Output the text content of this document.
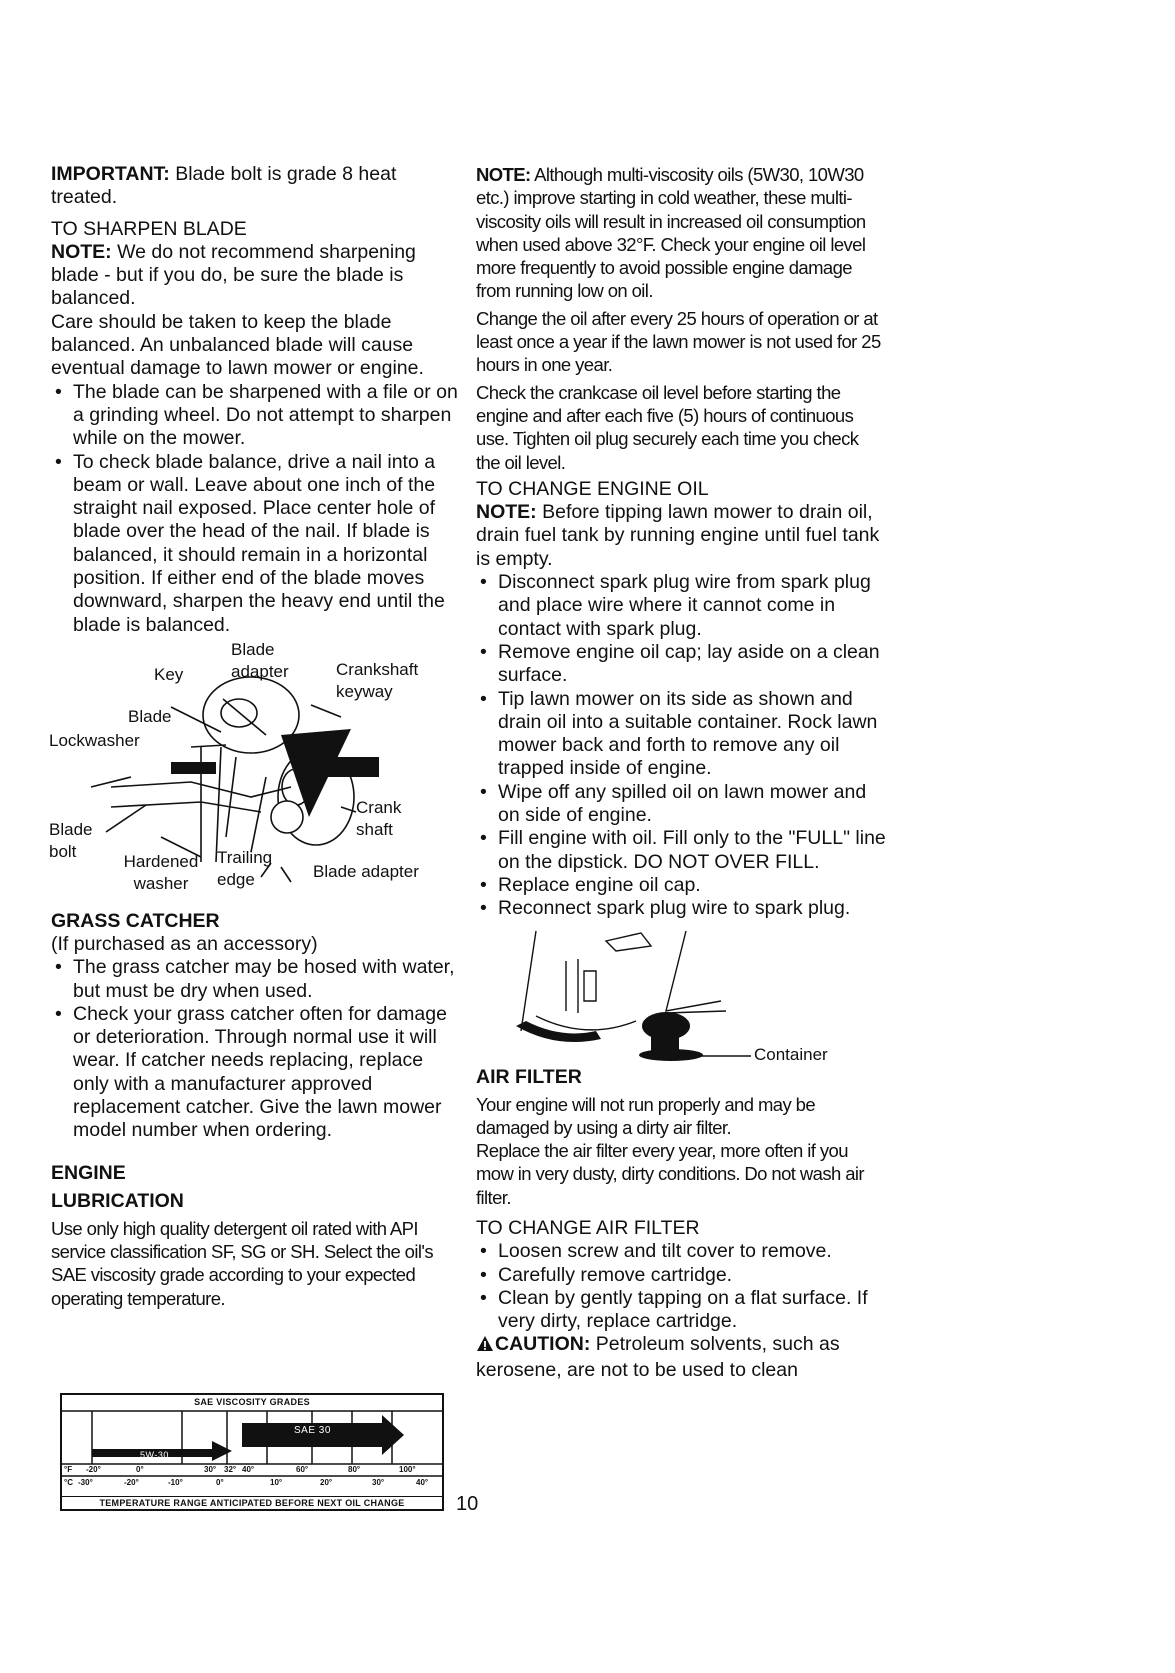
IMPORTANT: Blade bolt is grade 8 heat treated.

TO SHARPEN BLADE

NOTE: We do not recommend sharpening blade - but if you do, be sure the blade is balanced.

Care should be taken to keep the blade balanced. An unbalanced blade will cause eventual damage to lawn mower or engine.

• The blade can be sharpened with a file or on a grinding wheel. Do not attempt to sharpen while on the mower.
• To check blade balance, drive a nail into a beam or wall. Leave about one inch of the straight nail exposed. Place center hole of blade over the head of the nail. If blade is balanced, it should remain in a horizontal position. If either end of the blade moves downward, sharpen the heavy end until the blade is balanced.
Blade adapter	Crankshaft keyway
Key
Blade
Lockwasher
Crank shaft
Blade bolt
Hardened washer
Trailing edge	Blade adapter

GRASS CATCHER

(If purchased as an accessory)

• The grass catcher may be hosed with water, but must be dry when used.
• Check your grass catcher often for damage or deterioration. Through normal use it will wear. If catcher needs replacing, replace only with a manufacturer approved replacement catcher. Give the lawn mower model number when ordering.

ENGINE

LUBRICATION

Use only high quality detergent oil rated with API service classification SF, SG or SH. Select the oil's SAE viscosity grade according to your expected operating temperature.

SAE VISCOSITY GRADES
SAE 30
5W-30
°F -20°	0°	30° 32° 40°	60°	80°	100°
°C -30°	-20°	-10°	0°	10°	20°	30°	40°
TEMPERATURE RANGE ANTICIPATED BEFORE NEXT OIL CHANGE	10

NOTE: Although multi-viscosity oils (5W30, 10W30 etc.) improve starting in cold weather, these multi-viscosity oils will result in increased oil consumption when used above 32°F. Check your engine oil level more frequently to avoid possible engine damage from running low on oil.

Change the oil after every 25 hours of operation or at least once a year if the lawn mower is not used for 25 hours in one year.

Check the crankcase oil level before starting the engine and after each five (5) hours of continuous use. Tighten oil plug securely each time you check the oil level.

TO CHANGE ENGINE OIL

NOTE: Before tipping lawn mower to drain oil, drain fuel tank by running engine until fuel tank is empty.

• Disconnect spark plug wire from spark plug and place wire where it cannot come in contact with spark plug.
• Remove engine oil cap; lay aside on a clean surface.
• Tip lawn mower on its side as shown and drain oil into a suitable container. Rock lawn mower back and forth to remove any oil trapped inside of engine.
• Wipe off any spilled oil on lawn mower and on side of engine.
• Fill engine with oil. Fill only to the "FULL" line on the dipstick. DO NOT OVER FILL.
• Replace engine oil cap.
• Reconnect spark plug wire to spark plug.
Container

AIR FILTER

Your engine will not run properly and may be damaged by using a dirty air filter.

Replace the air filter every year, more often if you mow in very dusty, dirty conditions. Do not wash air filter.

TO CHANGE AIR FILTER

• Loosen screw and tilt cover to remove.
• Carefully remove cartridge.
• Clean by gently tapping on a flat surface. If very dirty, replace cartridge.

CAUTION: Petroleum solvents, such as kerosene, are not to be used to clean
